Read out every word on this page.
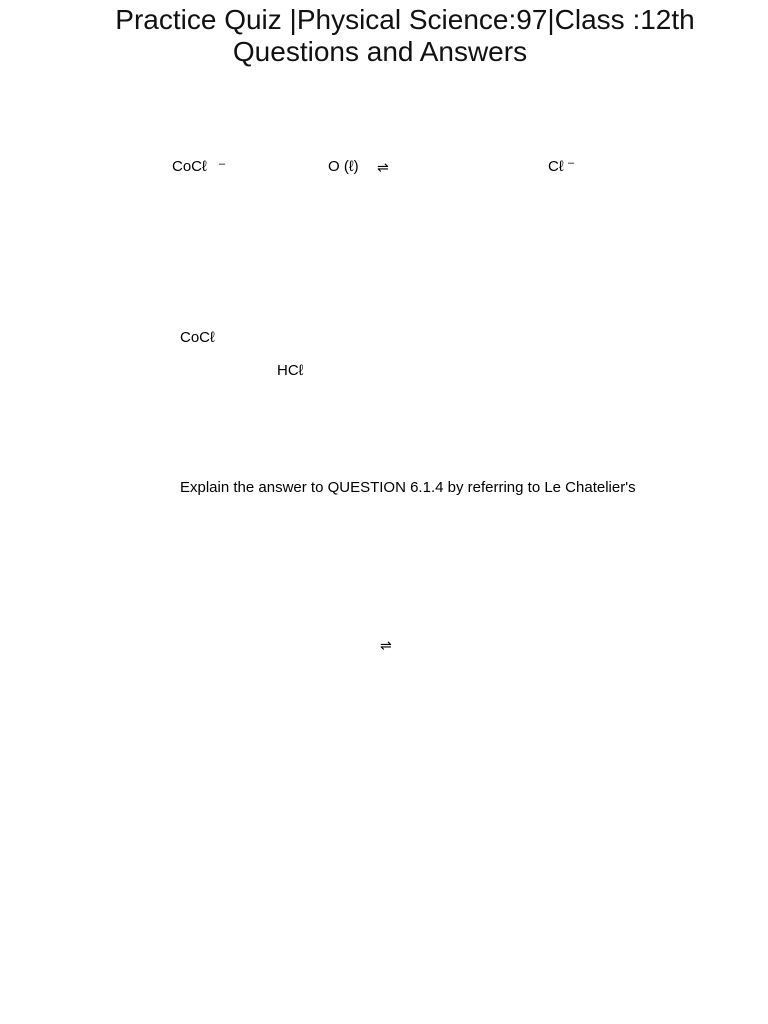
Practice Quiz |Physical Science:97|Class :12th
Questions and Answers
CoCℓ –	O (ℓ) ⇌	Cℓ –
CoCℓ
HCℓ
Explain the answer to QUESTION 6.1.4 by referring to Le Chatelier's
⇌
